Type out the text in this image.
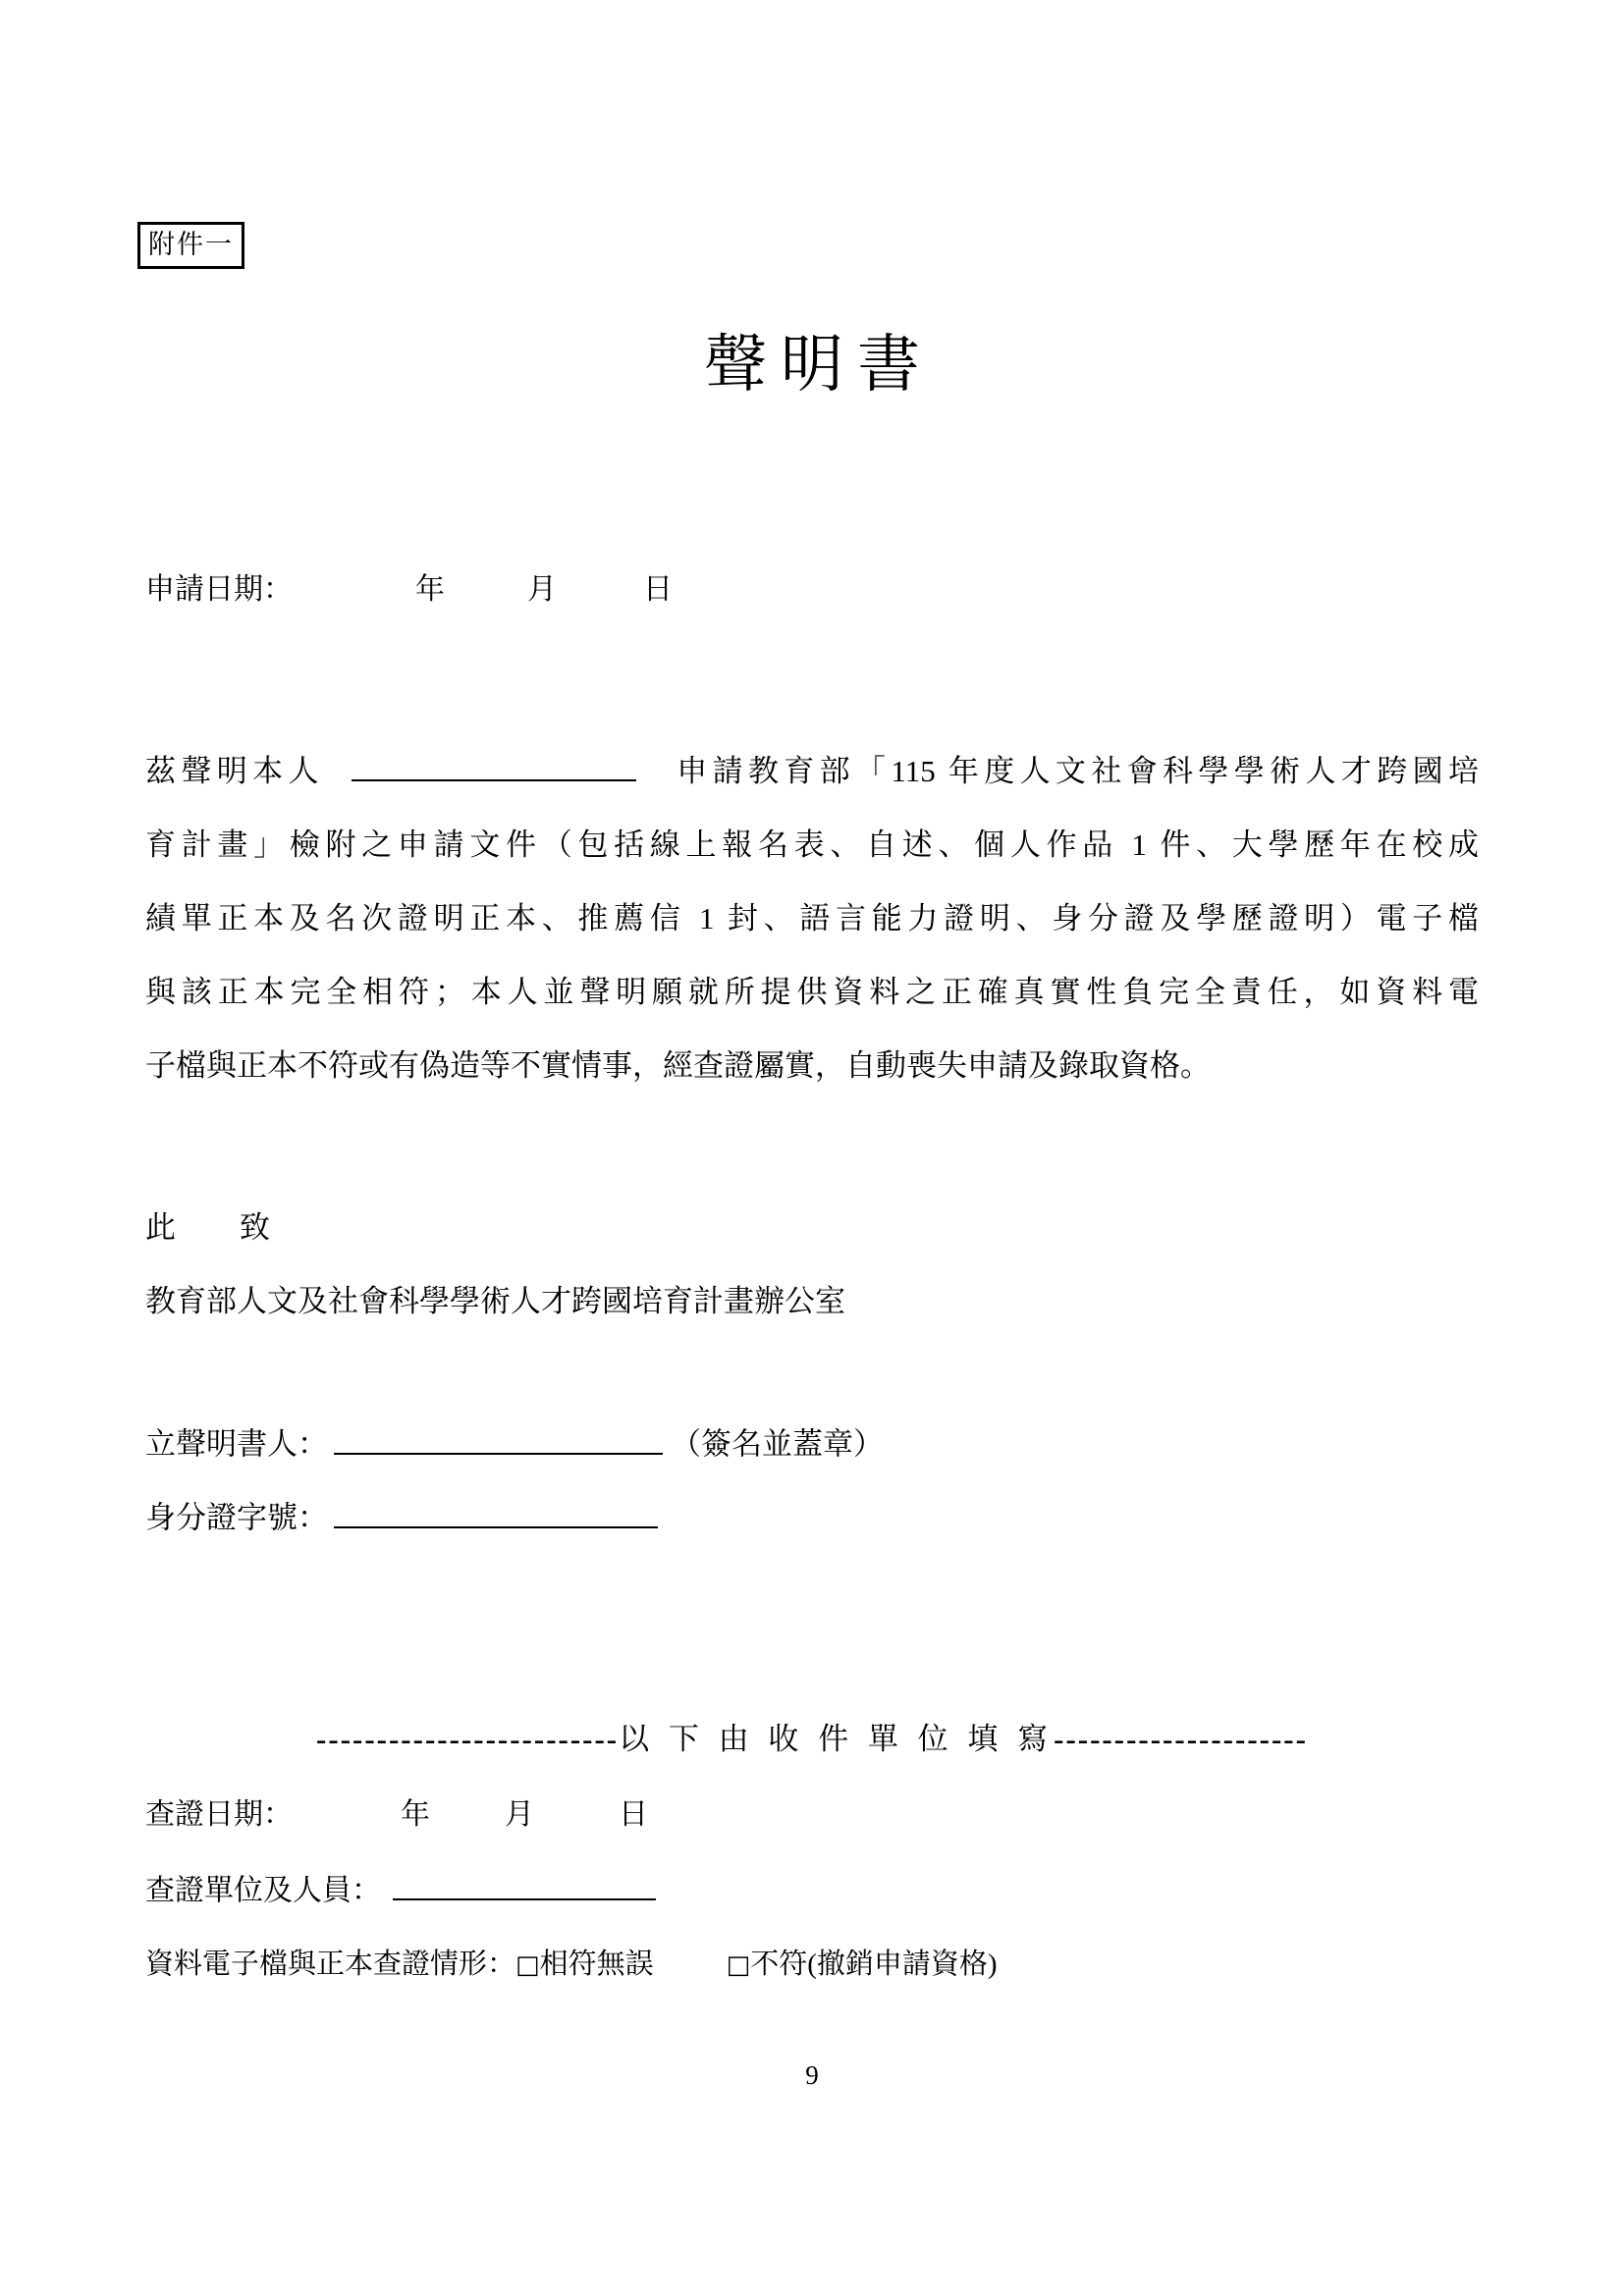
附件一
聲明書
申請日期：	年	月	日
茲聲明本人	申請教育部「115 年度人文社會科學學術人才跨國培
育計畫」檢附之申請文件（包括線上報名表、自述、個人作品 1 件、大學歷年在校成
績單正本及名次證明正本、推薦信 1 封、語言能力證明、身分證及學歷證明）電子檔
與該正本完全相符；本人並聲明願就所提供資料之正確真實性負完全責任，如資料電
子檔與正本不符或有偽造等不實情事，經查證屬實，自動喪失申請及錄取資格。
此　　致
教育部人文及社會科學學術人才跨國培育計畫辦公室
立聲明書人：	（簽名並蓋章）
身分證字號：
-------------------------以 下 由 收 件 單 位 填 寫---------------------
查證日期：	年	月	日
查證單位及人員：
資料電子檔與正本查證情形：□相符無誤	□不符(撤銷申請資格)
9
